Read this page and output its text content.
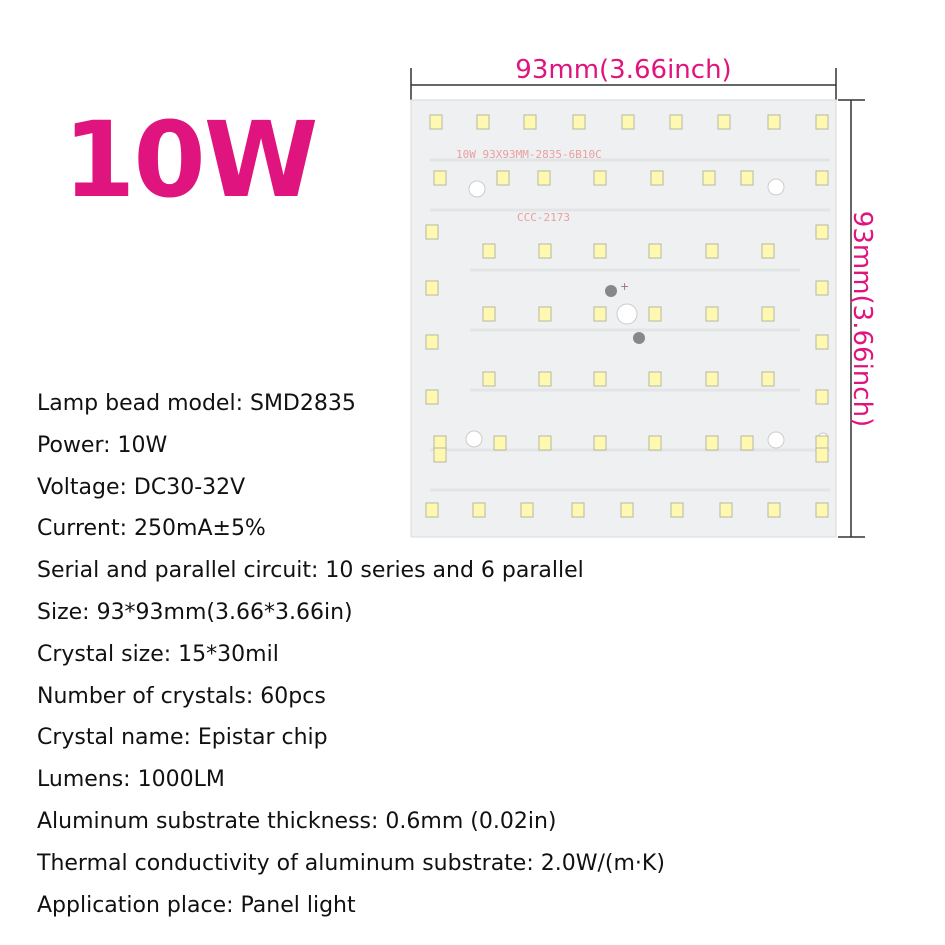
10W	10W 93X93MM-2835-6B10C
CCC-2173
+
93mm(3.66inch)
93mm(3.66inch)
Lamp bead model: SMD2835
Power: 10W
Voltage: DC30-32V
Current: 250mA±5%
Serial and parallel circuit: 10 series and 6 parallel
Size: 93*93mm(3.66*3.66in)
Crystal size: 15*30mil
Number of crystals: 60pcs
Crystal name: Epistar chip
Lumens: 1000LM
Aluminum substrate thickness: 0.6mm (0.02in)
Thermal conductivity of aluminum substrate: 2.0W/(m·K)
Application place: Panel light
